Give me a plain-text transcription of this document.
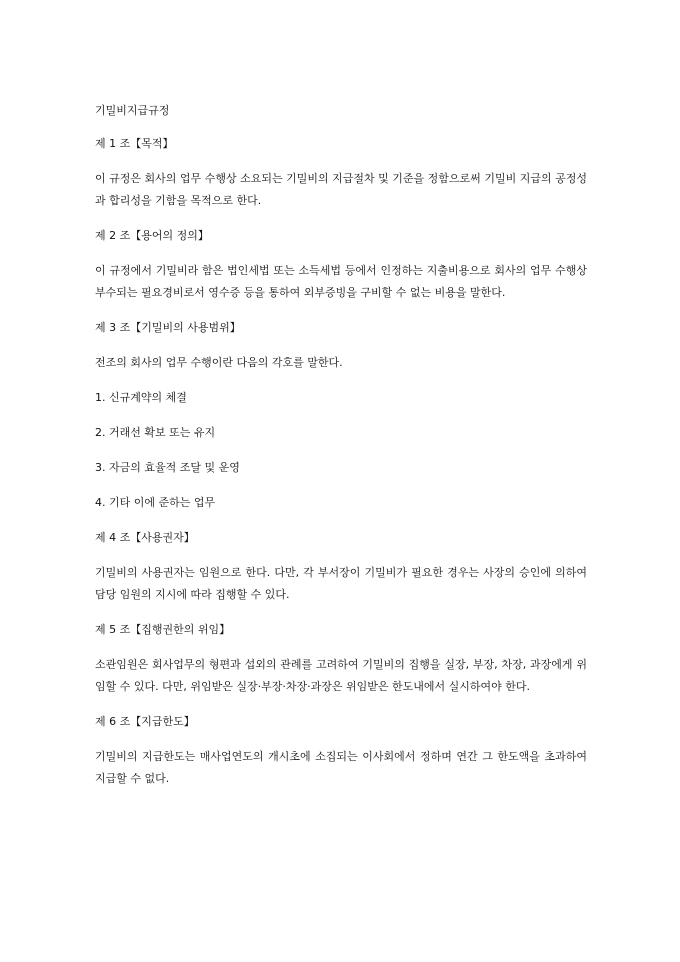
기밀비지급규정

제 1 조【목적】

이 규정은 회사의 업무 수행상 소요되는 기밀비의 지급절차 및 기준을 정함으로써 기밀비 지급의 공정성과 합리성을 기함을 목적으로 한다.

제 2 조【용어의 정의】

이 규정에서 기밀비라 함은 법인세법 또는 소득세법 등에서 인정하는 지출비용으로 회사의 업무 수행상 부수되는 필요경비로서 영수증 등을 통하여 외부증빙을 구비할 수 없는 비용을 말한다.

제 3 조【기밀비의 사용범위】

전조의 회사의 업무 수행이란 다음의 각호를 말한다.

1. 신규계약의 체결

2. 거래선 확보 또는 유지

3. 자금의 효율적 조달 및 운영

4. 기타 이에 준하는 업무

제 4 조【사용권자】

기밀비의 사용권자는 임원으로 한다. 다만, 각 부서장이 기밀비가 필요한 경우는 사장의 승인에 의하여 담당 임원의 지시에 따라 집행할 수 있다.

제 5 조【집행권한의 위임】

소관임원은 회사업무의 형편과 섭외의 관례를 고려하여 기밀비의 집행을 실장, 부장, 차장, 과장에게 위임할 수 있다. 다만, 위임받은 실장·부장·차장·과장은 위임받은 한도내에서 실시하여야 한다.

제 6 조【지급한도】

기밀비의 지급한도는 매사업연도의 개시초에 소집되는 이사회에서 정하며 연간 그 한도액을 초과하여 지급할 수 없다.
